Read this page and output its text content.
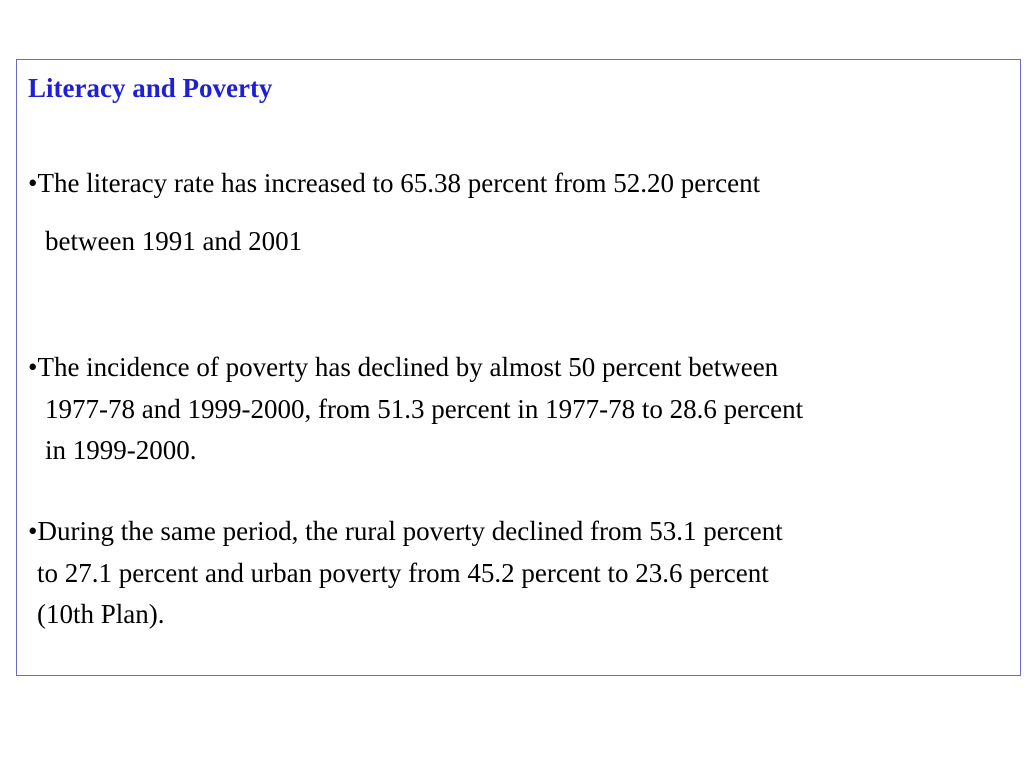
Literacy and Poverty

•The literacy rate has increased to 65.38 percent from 52.20 percent

between 1991 and 2001

•The incidence of poverty has declined by almost 50 percent between

1977-78 and 1999-2000, from 51.3 percent in 1977-78 to 28.6 percent

in 1999-2000.

•During the same period, the rural poverty declined from 53.1 percent

to 27.1 percent and urban poverty from 45.2 percent to 23.6 percent

(10th Plan).
